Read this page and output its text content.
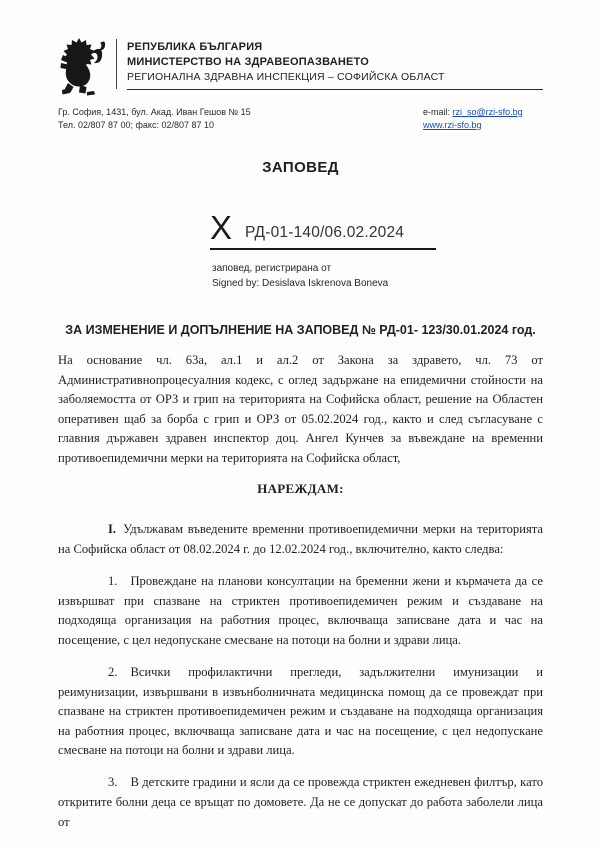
РЕПУБЛИКА БЪЛГАРИЯ
МИНИСТЕРСТВО НА ЗДРАВЕОПАЗВАНЕТО
РЕГИОНАЛНА ЗДРАВНА ИНСПЕКЦИЯ – СОФИЙСКА ОБЛАСТ
Гр. София, 1431, бул. Акад. Иван Гешов № 15
Тел. 02/807 87 00; факс: 02/807 87 10
e-mail: rzi_so@rzi-sfo.bg
www.rzi-sfo.bg
ЗАПОВЕД
X РД-01-140/06.02.2024
заповед, регистрирана от
Signed by: Desislava Iskrenova Boneva
ЗА ИЗМЕНЕНИЕ И ДОПЪЛНЕНИЕ НА ЗАПОВЕД № РД-01- 123/30.01.2024 год.

На основание чл. 63а, ал.1 и ал.2 от Закона за здравето, чл. 73 от Административнопроцесуалния кодекс, с оглед задържане на епидемични стойности на заболяемостта от ОРЗ и грип на територията на Софийска област, решение на Областен оперативен щаб за борба с грип и ОРЗ от 05.02.2024 год., както и след съгласуване с главния държавен здравен инспектор доц. Ангел Кунчев за въвеждане на временни противоепидемични мерки на територията на Софийска област,

НАРЕЖДАМ:

I. Удължавам въведените временни противоепидемични мерки на територията на Софийска област от 08.02.2024 г. до 12.02.2024 год., включително, както следва:

1. Провеждане на планови консултации на бременни жени и кърмачета да се извършват при спазване на стриктен противоепидемичен режим и създаване на подходяща организация на работния процес, включваща записване дата и час на посещение, с цел недопускане смесване на потоци на болни и здрави лица.

2. Всички профилактични прегледи, задължителни имунизации и реимунизации, извършвани в извънболничната медицинска помощ да се провеждат при спазване на стриктен противоепидемичен режим и създаване на подходяща организация на работния процес, включваща записване дата и час на посещение, с цел недопускане смесване на потоци на болни и здрави лица.

3. В детските градини и ясли да се провежда стриктен ежедневен филтър, като откритите болни деца се връщат по домовете. Да не се допускат до работа заболели лица от
